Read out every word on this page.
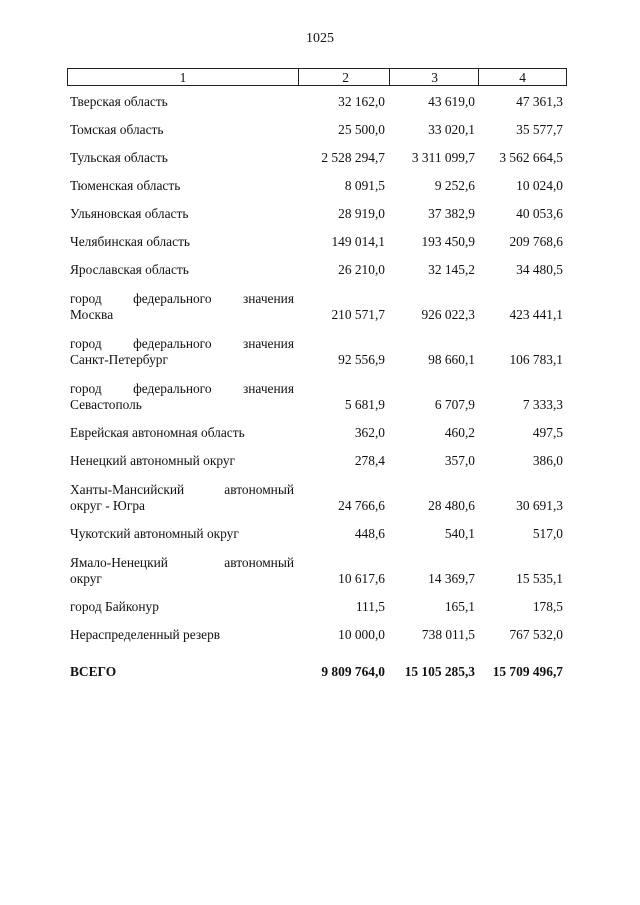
1025
1	2	3	4
Тверская область	32 162,0	43 619,0	47 361,3
Томская область	25 500,0	33 020,1	35 577,7
Тульская область	2 528 294,7	3 311 099,7	3 562 664,5
Тюменская область	8 091,5	9 252,6	10 024,0
Ульяновская область	28 919,0	37 382,9	40 053,6
Челябинская область	149 014,1	193 450,9	209 768,6
Ярославская область	26 210,0	32 145,2	34 480,5
город федерального значения
Москва	210 571,7	926 022,3	423 441,1
город федерального значения
Санкт-Петербург	92 556,9	98 660,1	106 783,1
город федерального значения
Севастополь	5 681,9	6 707,9	7 333,3
Еврейская автономная область	362,0	460,2	497,5
Ненецкий автономный округ	278,4	357,0	386,0
Ханты-Мансийский	автономный
округ - Югра	24 766,6	28 480,6	30 691,3
Чукотский автономный округ	448,6	540,1	517,0
Ямало-Ненецкий	автономный
округ	10 617,6	14 369,7	15 535,1
город Байконур	111,5	165,1	178,5
Нераспределенный резерв	10 000,0	738 011,5	767 532,0
ВСЕГО	9 809 764,0	15 105 285,3	15 709 496,7
